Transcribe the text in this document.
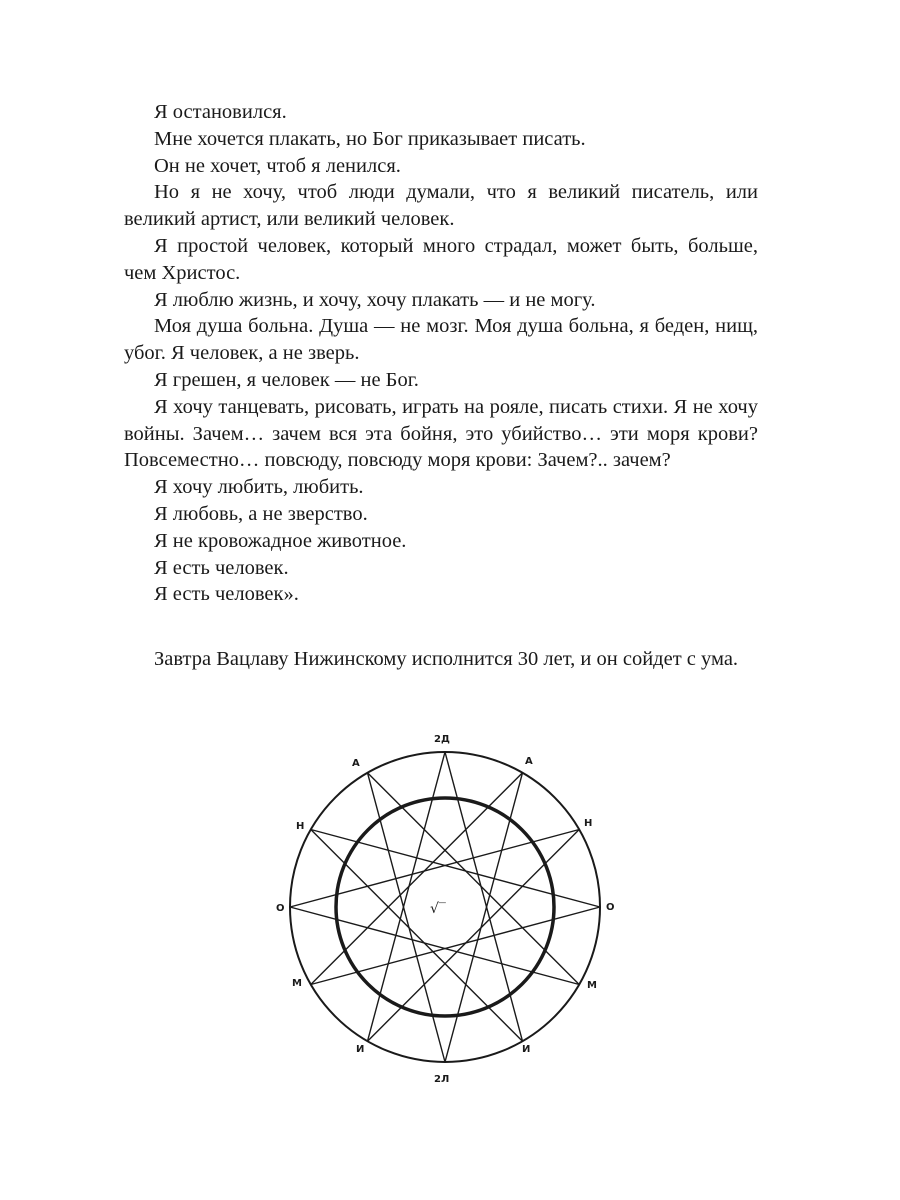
Я остановился.

Мне хочется плакать, но Бог приказывает писать.

Он не хочет, чтоб я ленился.

Но я не хочу, чтоб люди думали, что я великий писатель, или великий артист, или великий человек.

Я простой человек, который много страдал, может быть, больше, чем Христос.

Я люблю жизнь, и хочу, хочу плакать — и не могу.

Моя душа больна. Душа — не мозг. Моя душа больна, я беден, нищ, убог. Я человек, а не зверь.

Я грешен, я человек — не Бог.

Я хочу танцевать, рисовать, играть на рояле, писать стихи. Я не хочу войны. Зачем… зачем вся эта бойня, это убийство… эти моря крови? Повсеместно… повсюду, повсюду моря крови: Зачем?.. зачем?

Я хочу любить, любить.

Я любовь, а не зверство.

Я не кровожадное животное.

Я есть человек.

Я есть человек».

Завтра Вацлаву Нижинскому исполнится 30 лет, и он сойдет с ума.

2Д
А	А
Н	Н
О	О
М	М
И	И
2Л
√‾
